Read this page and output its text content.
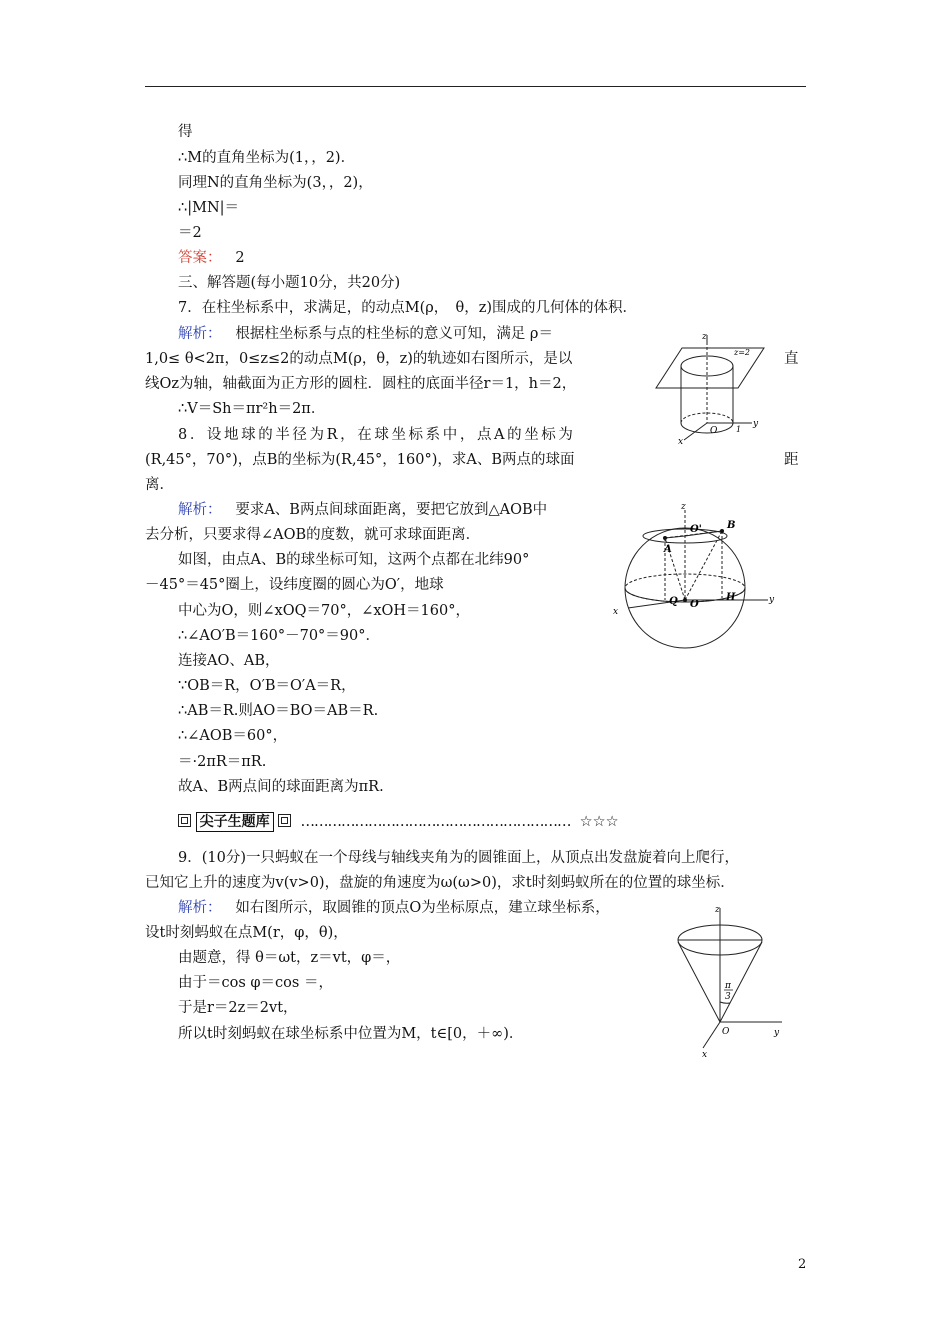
得
∴M的直角坐标为(1，，2)．
同理N的直角坐标为(3，，2)，
∴|MN|＝
＝2
答案： 2
三、解答题(每小题10分，共20分)
7．在柱坐标系中，求满足，的动点M(ρ，　θ，z)围成的几何体的体积．
解析： 根据柱坐标系与点的柱坐标的意义可知，满足 ρ＝
1,0≤ θ<2π，0≤z≤2的动点M(ρ，θ，z)的轨迹如右图所示，是以	直
线Oz为轴，轴截面为正方形的圆柱．圆柱的底面半径r＝1，h＝2，
∴V＝Sh＝πr²h＝2π．
8．设地球的半径为R，在球坐标系中，点A的坐标为
(R,45°，70°)，点B的坐标为(R,45°，160°)，求A、B两点的球面	距
离．
解析： 要求A、B两点间球面距离，要把它放到△AOB中
去分析，只要求得∠AOB的度数，就可求球面距离．
如图，由点A、B的球坐标可知，这两个点都在北纬90°
－45°＝45°圈上，设纬度圈的圆心为O′，地球
中心为O，则∠xOQ＝70°，∠xOH＝160°，
∴∠AO′B＝160°－70°＝90°．
连接AO、AB，
∵OB＝R，O′B＝O′A＝R，
∴AB＝R.则AO＝BO＝AB＝R.
∴∠AOB＝60°，
＝·2πR＝πR.
故A、B两点间的球面距离为πR.
尖子生题库 …………………………………………………… ☆☆☆
9．(10分)一只蚂蚁在一个母线与轴线夹角为的圆锥面上，从顶点出发盘旋着向上爬行，
已知它上升的速度为v(v>0)，盘旋的角速度为ω(ω>0)，求t时刻蚂蚁所在的位置的球坐标．
解析： 如右图所示，取圆锥的顶点O为坐标原点，建立球坐标系，
设t时刻蚂蚁在点M(r，φ，θ)，
由题意，得 θ＝ωt，z＝vt，φ＝，
由于＝cos φ＝cos ＝，
于是r＝2z＝2vt，
所以t时刻蚂蚁在球坐标系中位置为M，t∈[0，＋∞)．
z
z=2
O 1
y
x
z
O'
A
B
Q O
H	y
x
z
π
3
O	y
x
2
